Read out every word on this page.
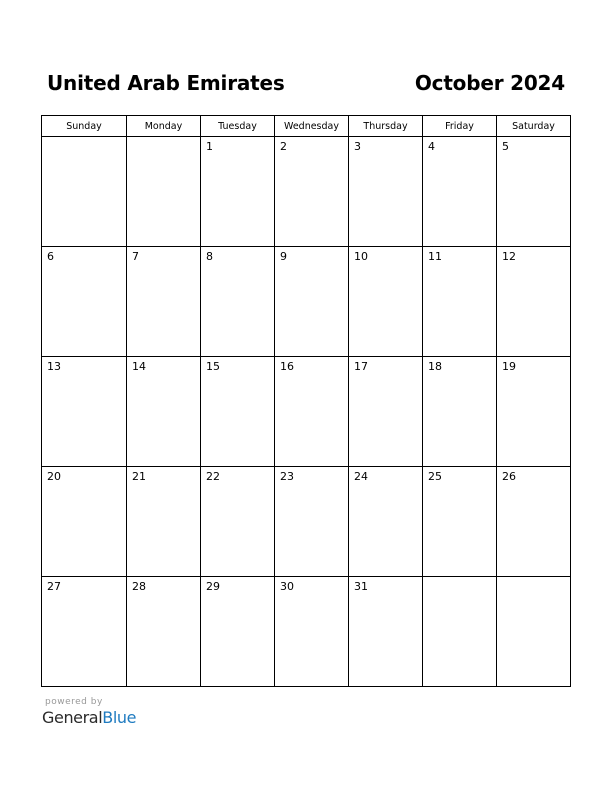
United Arab Emirates	October 2024
Sunday	Monday	Tuesday	Wednesday	Thursday	Friday	Saturday

		1	2	3	4	5

6	7	8	9	10	11	12

13	14	15	16	17	18	19

20	21	22	23	24	25	26

27	28	29	30	31		

powered by
GeneralBlue
